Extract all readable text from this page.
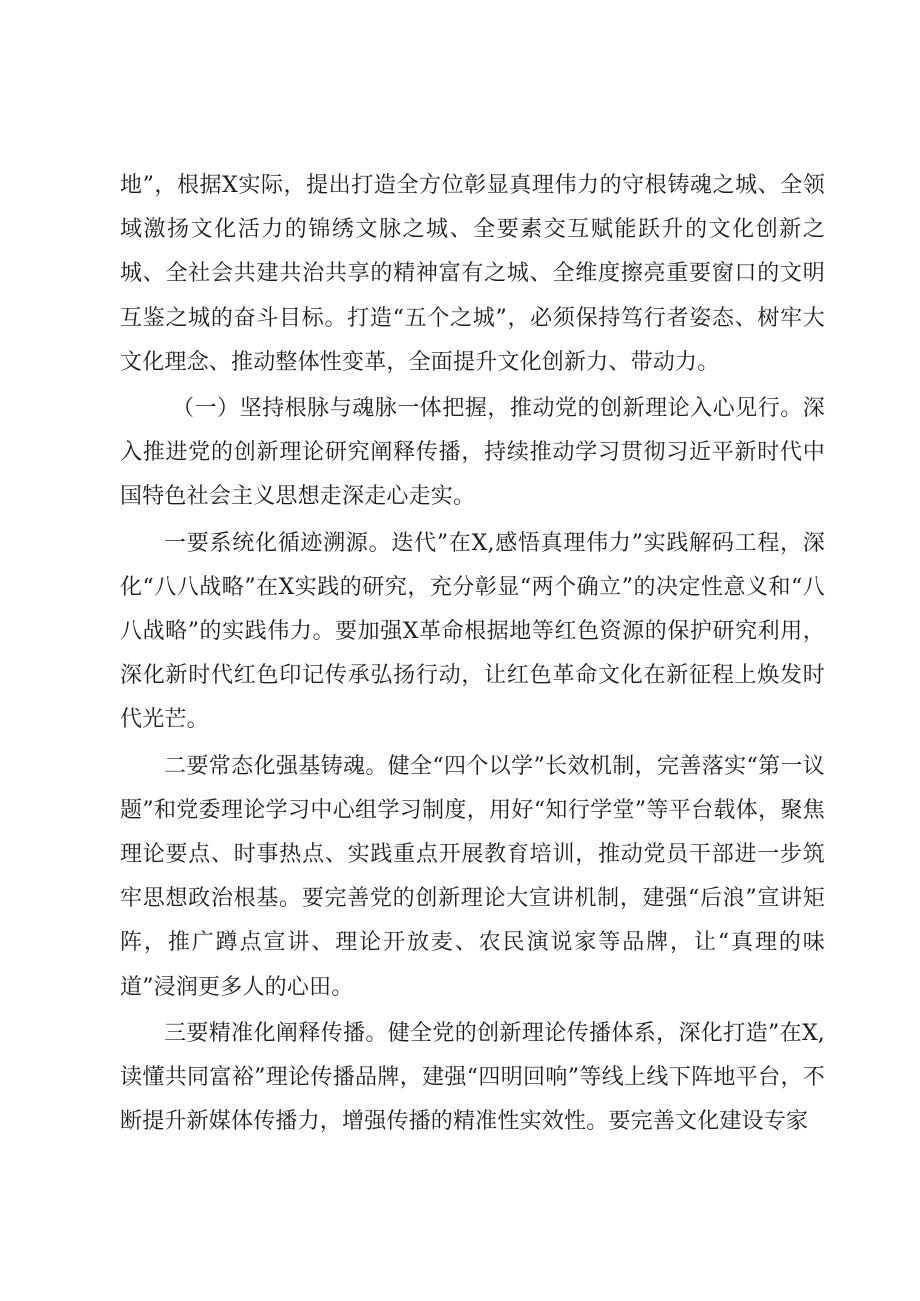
地”，根据X实际，提出打造全方位彰显真理伟力的守根铸魂之城、全领域激扬文化活力的锦绣文脉之城、全要素交互赋能跃升的文化创新之城、全社会共建共治共享的精神富有之城、全维度擦亮重要窗口的文明互鉴之城的奋斗目标。打造“五个之城”，必须保持笃行者姿态、树牢大文化理念、推动整体性变革，全面提升文化创新力、带动力。

（一）坚持根脉与魂脉一体把握，推动党的创新理论入心见行。深入推进党的创新理论研究阐释传播，持续推动学习贯彻习近平新时代中国特色社会主义思想走深走心走实。

一要系统化循迹溯源。迭代”在X,感悟真理伟力”实践解码工程，深化“八八战略”在X实践的研究，充分彰显“两个确立”的决定性意义和“八八战略”的实践伟力。要加强X革命根据地等红色资源的保护研究利用，深化新时代红色印记传承弘扬行动，让红色革命文化在新征程上焕发时代光芒。

二要常态化强基铸魂。健全“四个以学”长效机制，完善落实“第一议题”和党委理论学习中心组学习制度，用好“知行学堂”等平台载体，聚焦理论要点、时事热点、实践重点开展教育培训，推动党员干部进一步筑牢思想政治根基。要完善党的创新理论大宣讲机制，建强“后浪”宣讲矩阵，推广蹲点宣讲、理论开放麦、农民演说家等品牌，让“真理的味道”浸润更多人的心田。

三要精准化阐释传播。健全党的创新理论传播体系，深化打造”在X,读懂共同富裕”理论传播品牌，建强“四明回响”等线上线下阵地平台，不断提升新媒体传播力，增强传播的精准性实效性。要完善文化建设专家
